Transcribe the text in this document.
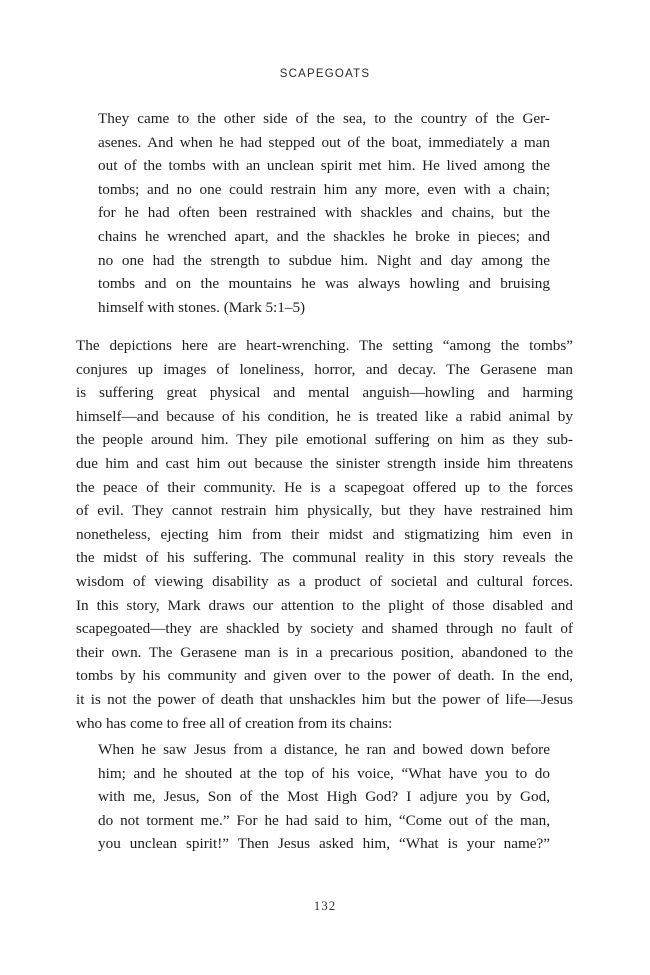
SCAPEGOATS
They came to the other side of the sea, to the country of the Ger-
asenes. And when he had stepped out of the boat, immediately a man
out of the tombs with an unclean spirit met him. He lived among the
tombs; and no one could restrain him any more, even with a chain;
for he had often been restrained with shackles and chains, but the
chains he wrenched apart, and the shackles he broke in pieces; and
no one had the strength to subdue him. Night and day among the
tombs and on the mountains he was always howling and bruising
himself with stones. (Mark 5:1–5)
The depictions here are heart-wrenching. The setting “among the tombs”
conjures up images of loneliness, horror, and decay. The Gerasene man
is suffering great physical and mental anguish—howling and harming
himself—and because of his condition, he is treated like a rabid animal by
the people around him. They pile emotional suffering on him as they sub-
due him and cast him out because the sinister strength inside him threatens
the peace of their community. He is a scapegoat offered up to the forces
of evil. They cannot restrain him physically, but they have restrained him
nonetheless, ejecting him from their midst and stigmatizing him even in
the midst of his suffering. The communal reality in this story reveals the
wisdom of viewing disability as a product of societal and cultural forces.
In this story, Mark draws our attention to the plight of those disabled and
scapegoated—they are shackled by society and shamed through no fault of
their own. The Gerasene man is in a precarious position, abandoned to the
tombs by his community and given over to the power of death. In the end,
it is not the power of death that unshackles him but the power of life—Jesus
who has come to free all of creation from its chains:
When he saw Jesus from a distance, he ran and bowed down before
him; and he shouted at the top of his voice, “What have you to do
with me, Jesus, Son of the Most High God? I adjure you by God,
do not torment me.” For he had said to him, “Come out of the man,
you unclean spirit!” Then Jesus asked him, “What is your name?”
132
